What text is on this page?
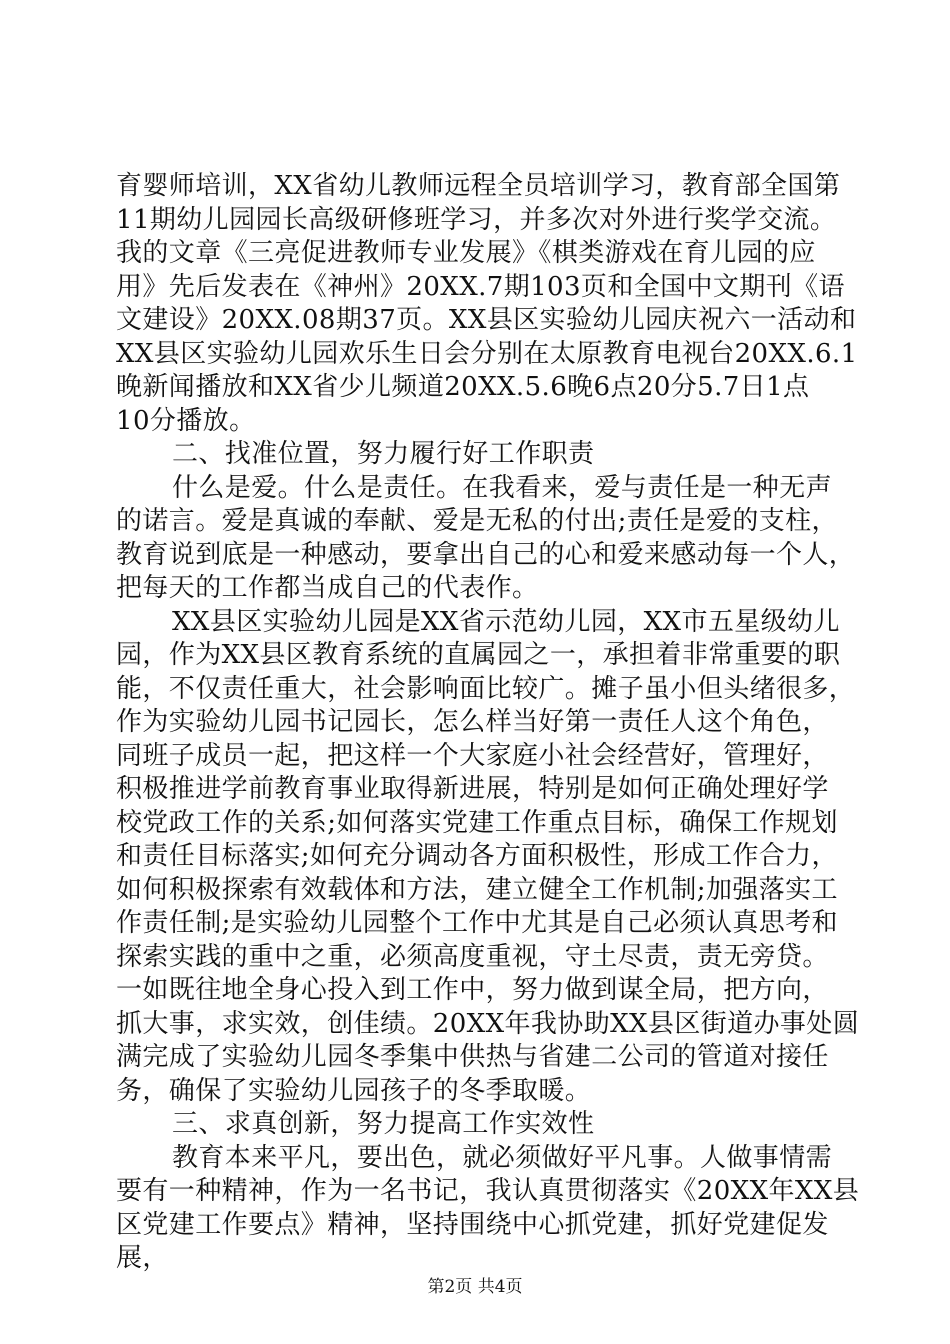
育婴师培训，XX省幼儿教师远程全员培训学习，教育部全国第
11期幼儿园园长高级研修班学习，并多次对外进行奖学交流。
我的文章《三亮促进教师专业发展》《棋类游戏在育儿园的应
用》先后发表在《神州》20XX.7期103页和全国中文期刊《语
文建设》20XX.08期37页。XX县区实验幼儿园庆祝六一活动和
XX县区实验幼儿园欢乐生日会分别在太原教育电视台20XX.6.1
晚新闻播放和XX省少儿频道20XX.5.6晚6点20分5.7日1点
10分播放。
二、找准位置，努力履行好工作职责
什么是爱。什么是责任。在我看来，爱与责任是一种无声
的诺言。爱是真诚的奉献、爱是无私的付出;责任是爱的支柱，
教育说到底是一种感动，要拿出自己的心和爱来感动每一个人，
把每天的工作都当成自己的代表作。
XX县区实验幼儿园是XX省示范幼儿园，XX市五星级幼儿
园，作为XX县区教育系统的直属园之一，承担着非常重要的职
能，不仅责任重大，社会影响面比较广。摊子虽小但头绪很多，
作为实验幼儿园书记园长，怎么样当好第一责任人这个角色，
同班子成员一起，把这样一个大家庭小社会经营好，管理好，
积极推进学前教育事业取得新进展，特别是如何正确处理好学
校党政工作的关系;如何落实党建工作重点目标，确保工作规划
和责任目标落实;如何充分调动各方面积极性，形成工作合力，
如何积极探索有效载体和方法，建立健全工作机制;加强落实工
作责任制;是实验幼儿园整个工作中尤其是自己必须认真思考和
探索实践的重中之重，必须高度重视，守土尽责，责无旁贷。
一如既往地全身心投入到工作中，努力做到谋全局，把方向，
抓大事，求实效，创佳绩。20XX年我协助XX县区街道办事处圆
满完成了实验幼儿园冬季集中供热与省建二公司的管道对接任
务，确保了实验幼儿园孩子的冬季取暖。
三、求真创新，努力提高工作实效性
教育本来平凡，要出色，就必须做好平凡事。人做事情需
要有一种精神，作为一名书记，我认真贯彻落实《20XX年XX县
区党建工作要点》精神，坚持围绕中心抓党建，抓好党建促发
展，
第2页 共4页
